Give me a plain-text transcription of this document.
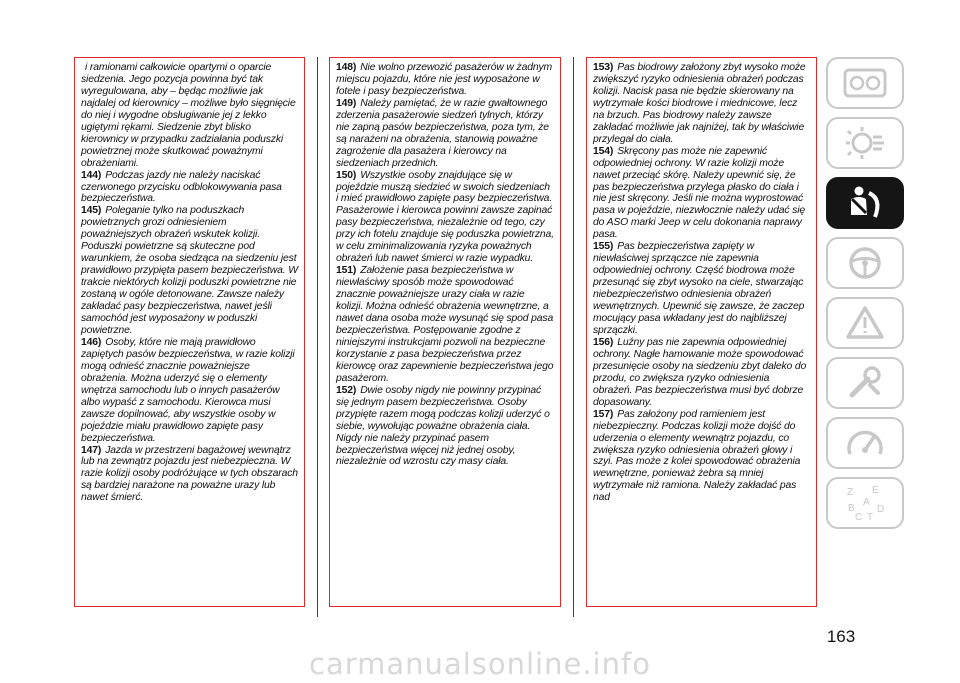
i ramionami całkowicie opartymi o oparcie siedzenia. Jego pozycja powinna być tak wyregulowana, aby – będąc możliwie jak najdalej od kierownicy – możliwe było sięgnięcie do niej i wygodne obsługiwanie jej z lekko ugiętymi rękami. Siedzenie zbyt blisko kierownicy w przypadku zadziałania poduszki powietrznej może skutkować poważnymi obrażeniami.

144) Podczas jazdy nie należy naciskać czerwonego przycisku odblokowywania pasa bezpieczeństwa.

145) Poleganie tylko na poduszkach powietrznych grozi odniesieniem poważniejszych obrażeń wskutek kolizji. Poduszki powietrzne są skuteczne pod warunkiem, że osoba siedząca na siedzeniu jest prawidłowo przypięta pasem bezpieczeństwa. W trakcie niektórych kolizji poduszki powietrzne nie zostaną w ogóle detonowane. Zawsze należy zakładać pasy bezpieczeństwa, nawet jeśli samochód jest wyposażony w poduszki powietrzne.

146) Osoby, które nie mają prawidłowo zapiętych pasów bezpieczeństwa, w razie kolizji mogą odnieść znacznie poważniejsze obrażenia. Można uderzyć się o elementy wnętrza samochodu lub o innych pasażerów albo wypaść z samochodu. Kierowca musi zawsze dopilnować, aby wszystkie osoby w pojeździe miału prawidłowo zapięte pasy bezpieczeństwa.

147) Jazda w przestrzeni bagażowej wewnątrz lub na zewnątrz pojazdu jest niebezpieczna. W razie kolizji osoby podróżujące w tych obszarach są bardziej narażone na poważne urazy lub nawet śmierć.

148) Nie wolno przewozić pasażerów w żadnym miejscu pojazdu, które nie jest wyposażone w fotele i pasy bezpieczeństwa.

149) Należy pamiętać, że w razie gwałtownego zderzenia pasażerowie siedzeń tylnych, którzy nie zapną pasów bezpieczeństwa, poza tym, że są narażeni na obrażenia, stanowią poważne zagrożenie dla pasażera i kierowcy na siedzeniach przednich.

150) Wszystkie osoby znajdujące się w pojeździe muszą siedzieć w swoich siedzeniach i mieć prawidłowo zapięte pasy bezpieczeństwa. Pasażerowie i kierowca powinni zawsze zapinać pasy bezpieczeństwa, niezależnie od tego, czy przy ich fotelu znajduje się poduszka powietrzna, w celu zminimalizowania ryzyka poważnych obrażeń lub nawet śmierci w razie wypadku.

151) Założenie pasa bezpieczeństwa w niewłaściwy sposób może spowodować znacznie poważniejsze urazy ciała w razie kolizji. Można odnieść obrażenia wewnętrzne, a nawet dana osoba może wysunąć się spod pasa bezpieczeństwa. Postępowanie zgodne z niniejszymi instrukcjami pozwoli na bezpieczne korzystanie z pasa bezpieczeństwa przez kierowcę oraz zapewnienie bezpieczeństwa jego pasażerom.

152) Dwie osoby nigdy nie powinny przypinać się jednym pasem bezpieczeństwa. Osoby przypięte razem mogą podczas kolizji uderzyć o siebie, wywołując poważne obrażenia ciała. Nigdy nie należy przypinać pasem bezpieczeństwa więcej niż jednej osoby, niezależnie od wzrostu czy masy ciała.

153) Pas biodrowy założony zbyt wysoko może zwiększyć ryzyko odniesienia obrażeń podczas kolizji. Nacisk pasa nie będzie skierowany na wytrzymałe kości biodrowe i miednicowe, lecz na brzuch. Pas biodrowy należy zawsze zakładać możliwie jak najniżej, tak by właściwie przylegał do ciała.

154) Skręcony pas może nie zapewnić odpowiedniej ochrony. W razie kolizji może nawet przeciąć skórę. Należy upewnić się, że pas bezpieczeństwa przylega płasko do ciała i nie jest skręcony. Jeśli nie można wyprostować pasa w pojeździe, niezwłocznie należy udać się do ASO marki Jeep w celu dokonania naprawy pasa.

155) Pas bezpieczeństwa zapięty w niewłaściwej sprzączce nie zapewnia odpowiedniej ochrony. Część biodrowa może przesunąć się zbyt wysoko na ciele, stwarzając niebezpieczeństwo odniesienia obrażeń wewnętrznych. Upewnić się zawsze, że zaczep mocujący pasa wkładany jest do najbliższej sprzączki.

156) Luźny pas nie zapewnia odpowiedniej ochrony. Nagłe hamowanie może spowodować przesunięcie osoby na siedzeniu zbyt daleko do przodu, co zwiększa ryzyko odniesienia obrażeń. Pas bezpieczeństwa musi być dobrze dopasowany.

157) Pas założony pod ramieniem jest niebezpieczny. Podczas kolizji może dojść do uderzenia o elementy wewnątrz pojazdu, co zwiększa ryzyko odniesienia obrażeń głowy i szyi. Pas może z kolei spowodować obrażenia wewnętrzne, ponieważ żebra są mniej wytrzymałe niż ramiona. Należy zakładać pas nad	Z E
B
A
C T
D
163
carmanualsonline.info
